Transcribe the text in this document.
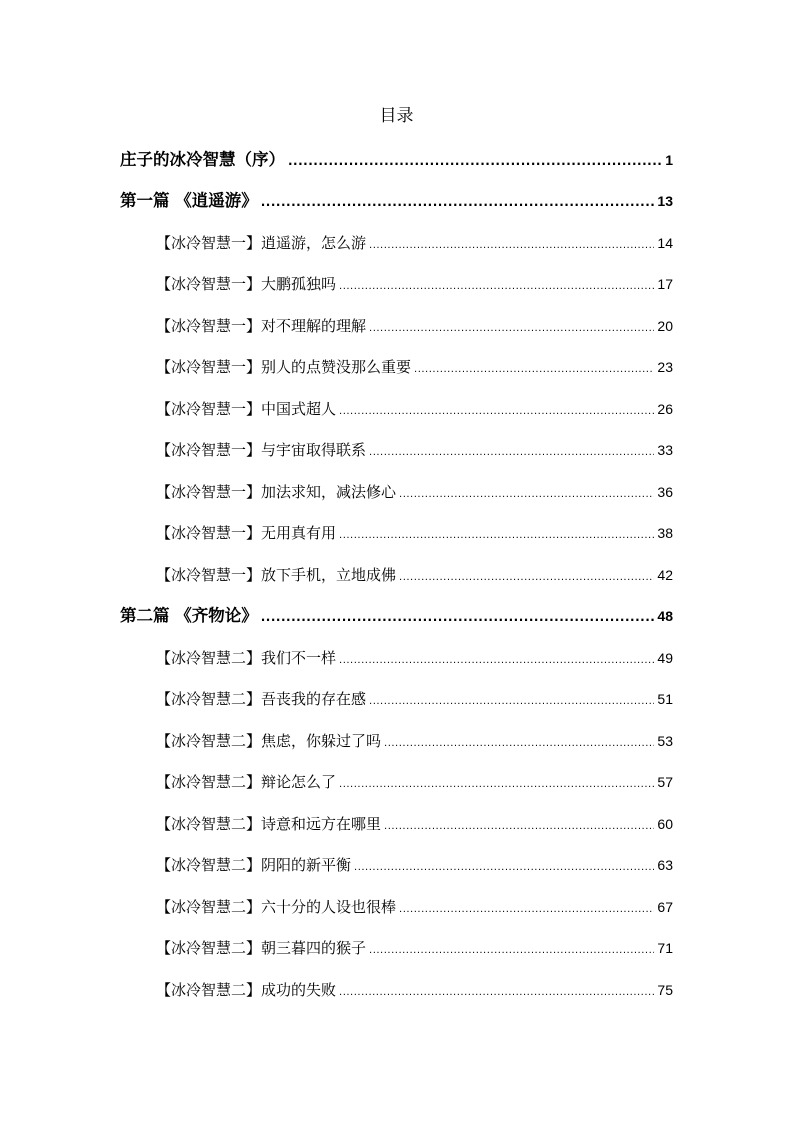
目录
庄子的冰冷智慧（序） .....	1
第一篇 《逍遥游》 .....	13
【冰冷智慧一】逍遥游，怎么游 .....	14
【冰冷智慧一】大鹏孤独吗 .....	17
【冰冷智慧一】对不理解的理解 .....	20
【冰冷智慧一】别人的点赞没那么重要 .....	23
【冰冷智慧一】中国式超人 .....	26
【冰冷智慧一】与宇宙取得联系 .....	33
【冰冷智慧一】加法求知，减法修心 .....	36
【冰冷智慧一】无用真有用 .....	38
【冰冷智慧一】放下手机，立地成佛 .....	42
第二篇 《齐物论》 .....	48
【冰冷智慧二】我们不一样 .....	49
【冰冷智慧二】吾丧我的存在感 .....	51
【冰冷智慧二】焦虑，你躲过了吗 .....	53
【冰冷智慧二】辩论怎么了 .....	57
【冰冷智慧二】诗意和远方在哪里 .....	60
【冰冷智慧二】阴阳的新平衡 .....	63
【冰冷智慧二】六十分的人设也很棒 .....	67
【冰冷智慧二】朝三暮四的猴子 .....	71
【冰冷智慧二】成功的失败 .....	75
